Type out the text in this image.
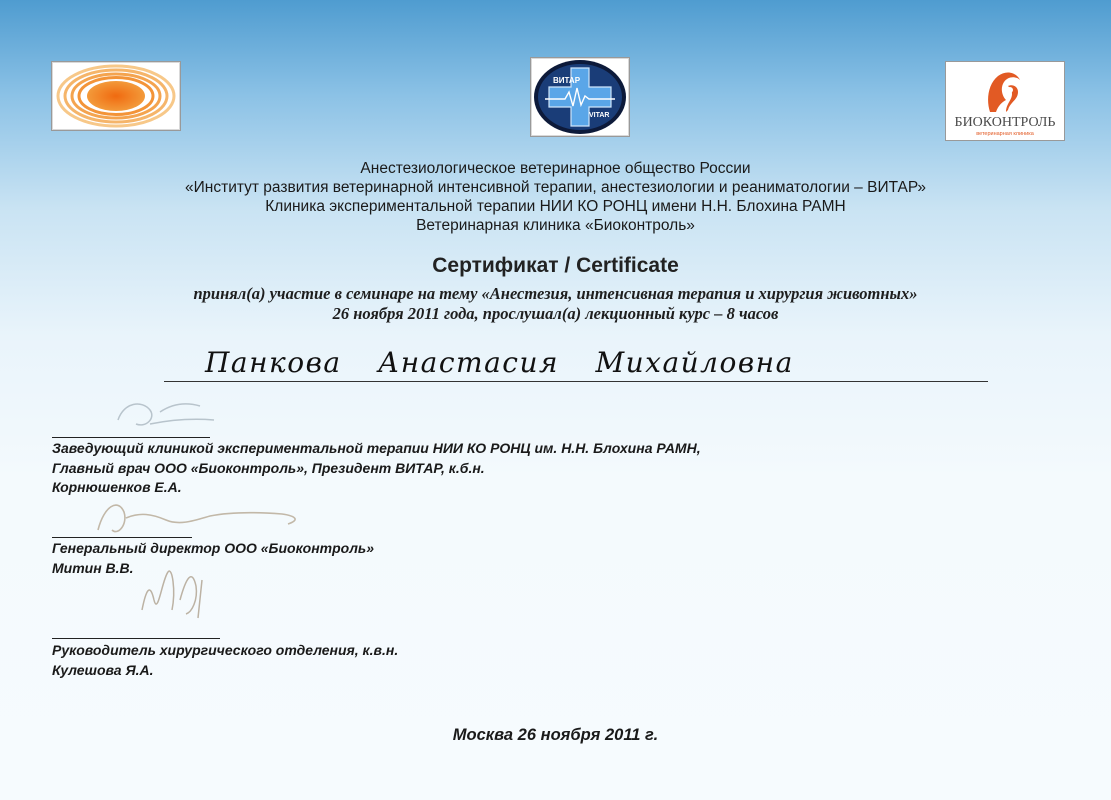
ВИТАР
VITAR	БИОКОНТРОЛЬ
ветеринарная клиника
Анестезиологическое ветеринарное общество России
«Институт развития ветеринарной интенсивной терапии, анестезиологии и реаниматологии – ВИТАР»
Клиника экспериментальной терапии НИИ КО РОНЦ имени Н.Н. Блохина РАМН
Ветеринарная клиника «Биоконтроль»
Сертификат / Certificate
принял(а) участие в семинаре на тему «Анестезия, интенсивная терапия и хирургия животных»
26 ноября 2011 года, прослушал(а) лекционный курс – 8 часов
Панкова Анастасия Михайловна
Заведующий клиникой экспериментальной терапии НИИ КО РОНЦ им. Н.Н. Блохина РАМН,
Главный врач ООО «Биоконтроль», Президент ВИТАР, к.б.н.
Корнюшенков Е.А.
Генеральный директор ООО «Биоконтроль»
Митин В.В.
Руководитель хирургического отделения, к.в.н.
Кулешова Я.А.
Москва 26 ноября 2011 г.
